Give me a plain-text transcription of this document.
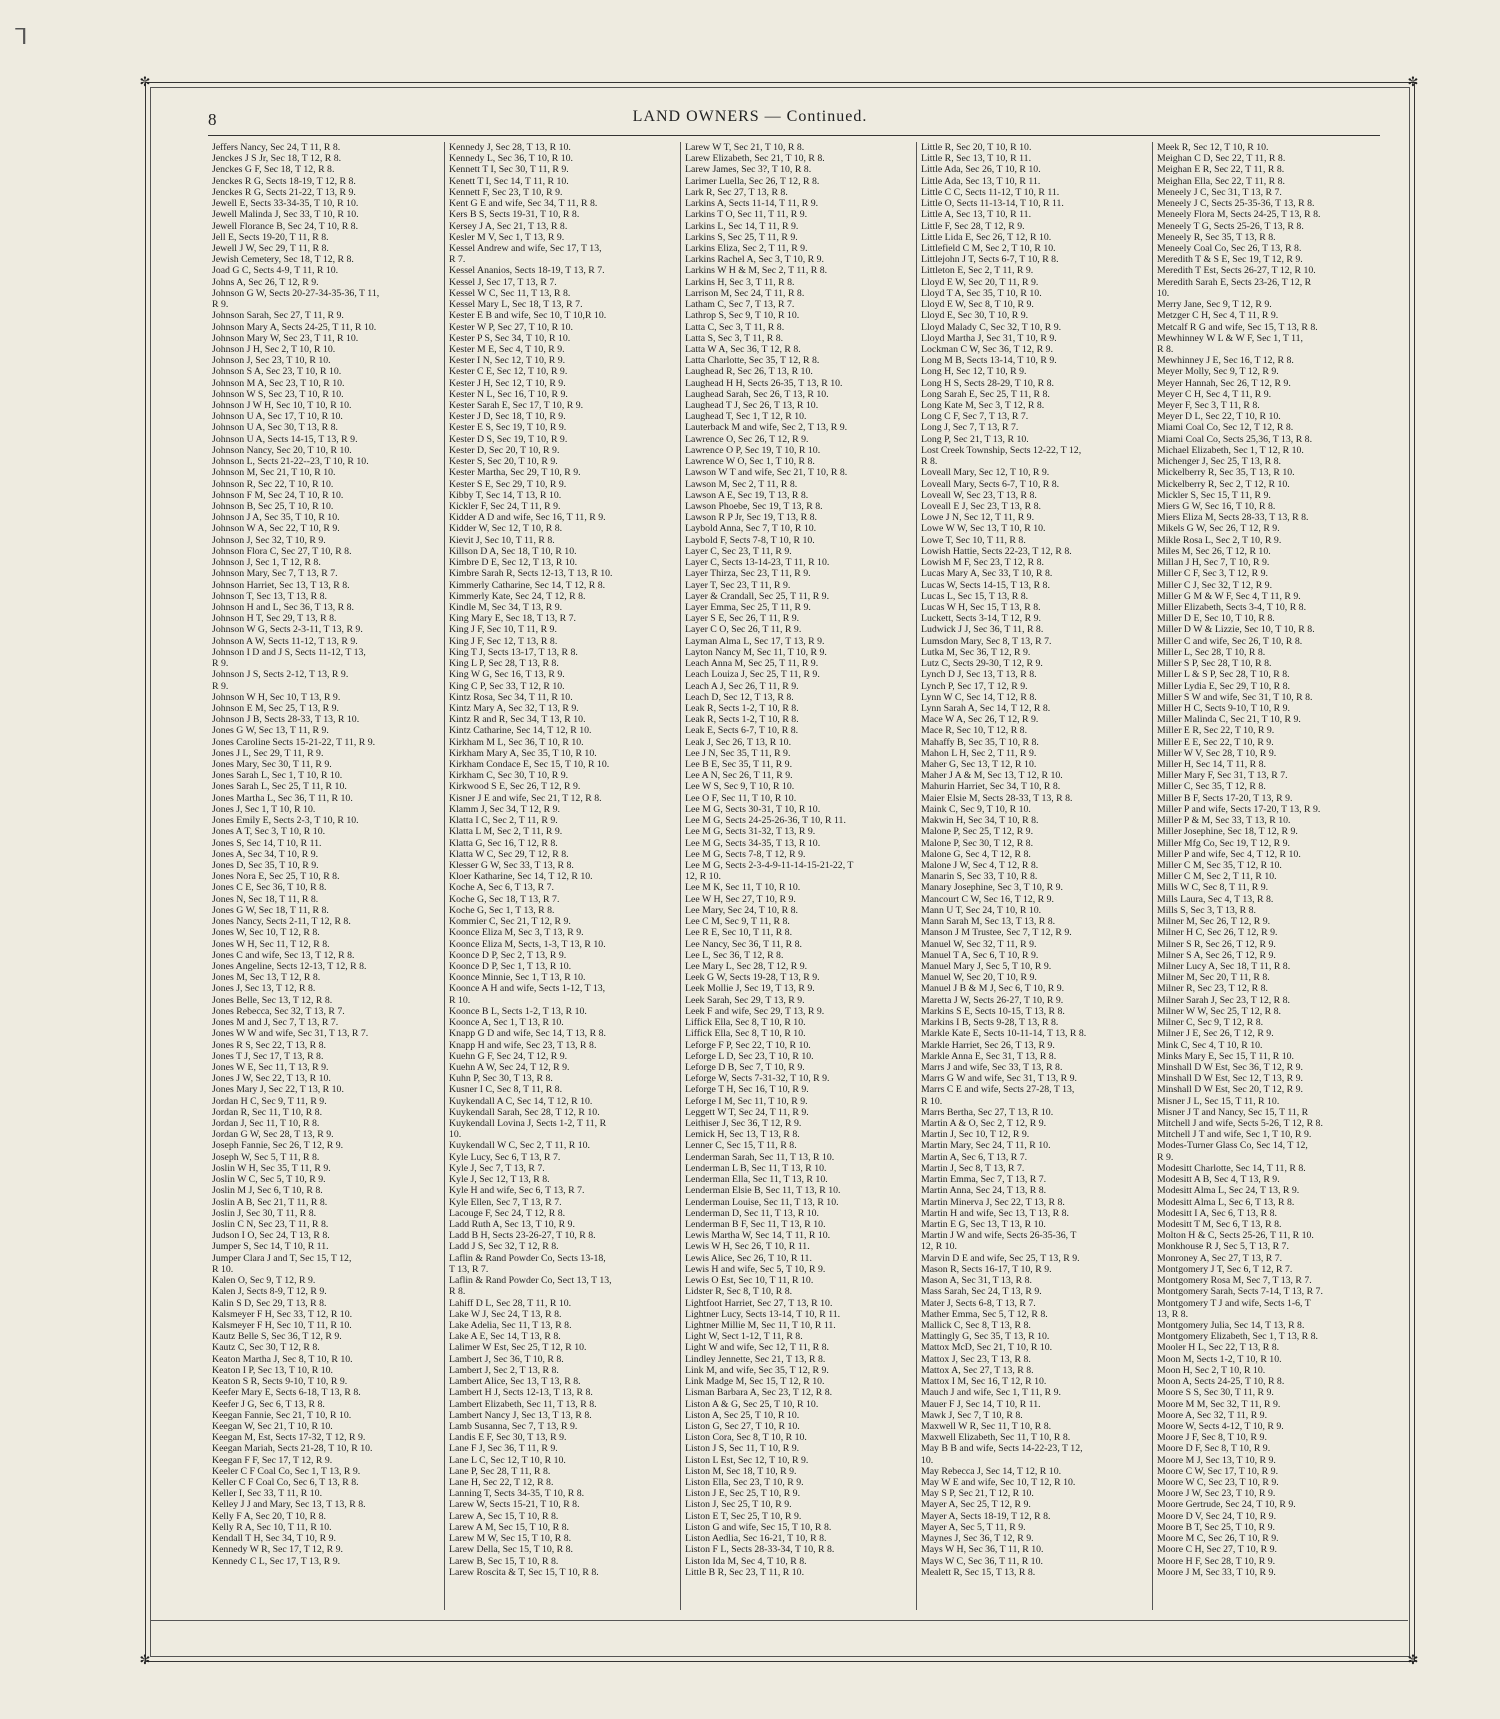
ᒣ
✼	✼
✼	✼
8	LAND OWNERS — Continued.
Jeffers Nancy, Sec 24, T 11, R 8.
Jenckes J S Jr, Sec 18, T 12, R 8.
Jenckes G F, Sec 18, T 12, R 8.
Jenckes R G, Sects 18-19, T 12, R 8.
Jenckes R G, Sects 21-22, T 13, R 9.
Jewell E, Sects 33-34-35, T 10, R 10.
Jewell Malinda J, Sec 33, T 10, R 10.
Jewell Florance B, Sec 24, T 10, R 8.
Jell E, Sects 19-20, T 11, R 8.
Jewell J W, Sec 29, T 11, R 8.
Jewish Cemetery, Sec 18, T 12, R 8.
Joad G C, Sects 4-9, T 11, R 10.
Johns A, Sec 26, T 12, R 9.
Johnson G W, Sects 20-27-34-35-36, T 11,
R 9.
Johnson Sarah, Sec 27, T 11, R 9.
Johnson Mary A, Sects 24-25, T 11, R 10.
Johnson Mary W, Sec 23, T 11, R 10.
Johnson J H, Sec 2, T 10, R 10.
Johnson J, Sec 23, T 10, R 10.
Johnson S A, Sec 23, T 10, R 10.
Johnson M A, Sec 23, T 10, R 10.
Johnson W S, Sec 23, T 10, R 10.
Johnson J W H, Sec 10, T 10, R 10.
Johnson U A, Sec 17, T 10, R 10.
Johnson U A, Sec 30, T 13, R 8.
Johnson U A, Sects 14-15, T 13, R 9.
Johnson Nancy, Sec 20, T 10, R 10.
Johnson L, Sects 21-22--23, T 10, R 10.
Johnson M, Sec 21, T 10, R 10.
Johnson R, Sec 22, T 10, R 10.
Johnson F M, Sec 24, T 10, R 10.
Johnson B, Sec 25, T 10, R 10.
Johnson J A, Sec 35, T 10, R 10.
Johnson W A, Sec 22, T 10, R 9.
Johnson J, Sec 32, T 10, R 9.
Johnson Flora C, Sec 27, T 10, R 8.
Johnson J, Sec 1, T 12, R 8.
Johnson Mary, Sec 7, T 13, R 7.
Johnson Harriet, Sec 13, T 13, R 8.
Johnson T, Sec 13, T 13, R 8.
Johnson H and L, Sec 36, T 13, R 8.
Johnson H T, Sec 29, T 13, R 8.
Johnson W G, Sects 2-3-11, T 13, R 9.
Johnson A W, Sects 11-12, T 13, R 9.
Johnson I D and J S, Sects 11-12, T 13,
R 9.
Johnson J S, Sects 2-12, T 13, R 9.
R 9.
Johnson W H, Sec 10, T 13, R 9.
Johnson E M, Sec 25, T 13, R 9.
Johnson J B, Sects 28-33, T 13, R 10.
Jones G W, Sec 13, T 11, R 9.
Jones Caroline Sects 15-21-22, T 11, R 9.
Jones J L, Sec 29, T 11, R 9.
Jones Mary, Sec 30, T 11, R 9.
Jones Sarah L, Sec 1, T 10, R 10.
Jones Sarah L, Sec 25, T 11, R 10.
Jones Martha L, Sec 36, T 11, R 10.
Jones J, Sec 1, T 10, R 10.
Jones Emily E, Sects 2-3, T 10, R 10.
Jones A T, Sec 3, T 10, R 10.
Jones S, Sec 14, T 10, R 11.
Jones A, Sec 34, T 10, R 9.
Jones D, Sec 35, T 10, R 9.
Jones Nora E, Sec 25, T 10, R 8.
Jones C E, Sec 36, T 10, R 8.
Jones N, Sec 18, T 11, R 8.
Jones G W, Sec 18, T 11, R 8.
Jones Nancy, Sects 2-11, T 12, R 8.
Jones W, Sec 10, T 12, R 8.
Jones W H, Sec 11, T 12, R 8.
Jones C and wife, Sec 13, T 12, R 8.
Jones Angeline, Sects 12-13, T 12, R 8.
Jones M, Sec 13, T 12, R 8.
Jones J, Sec 13, T 12, R 8.
Jones Belle, Sec 13, T 12, R 8.
Jones Rebecca, Sec 32, T 13, R 7.
Jones M and J, Sec 7, T 13, R 7.
Jones W W and wife, Sec 31, T 13, R 7.
Jones R S, Sec 22, T 13, R 8.
Jones T J, Sec 17, T 13, R 8.
Jones W E, Sec 11, T 13, R 9.
Jones J W, Sec 22, T 13, R 10.
Jones Mary J, Sec 22, T 13, R 10.
Jordan H C, Sec 9, T 11, R 9.
Jordan R, Sec 11, T 10, R 8.
Jordan J, Sec 11, T 10, R 8.
Jordan G W, Sec 28, T 13, R 9.
Joseph Fannie, Sec 26, T 12, R 9.
Joseph W, Sec 5, T 11, R 8.
Joslin W H, Sec 35, T 11, R 9.
Joslin W C, Sec 5, T 10, R 9.
Joslin M J, Sec 6, T 10, R 8.
Joslin A B, Sec 21, T 11, R 8.
Joslin J, Sec 30, T 11, R 8.
Joslin C N, Sec 23, T 11, R 8.
Judson I O, Sec 24, T 13, R 8.
Jumper S, Sec 14, T 10, R 11.
Jumper Clara J and T, Sec 15, T 12,
R 10.
Kalen O, Sec 9, T 12, R 9.
Kalen J, Sects 8-9, T 12, R 9.
Kalin S D, Sec 29, T 13, R 8.
Kalsmeyer F H, Sec 33, T 12, R 10.
Kalsmeyer F H, Sec 10, T 11, R 10.
Kautz Belle S, Sec 36, T 12, R 9.
Kautz C, Sec 30, T 12, R 8.
Keaton Martha J, Sec 8, T 10, R 10.
Keaton I P, Sec 13, T 10, R 10.
Keaton S R, Sects 9-10, T 10, R 9.
Keefer Mary E, Sects 6-18, T 13, R 8.
Keefer J G, Sec 6, T 13, R 8.
Keegan Fannie, Sec 21, T 10, R 10.
Keegan W, Sec 21, T 10, R 10.
Keegan M, Est, Sects 17-32, T 12, R 9.
Keegan Mariah, Sects 21-28, T 10, R 10.
Keegan F F, Sec 17, T 12, R 9.
Keeler C F Coal Co, Sec 1, T 13, R 9.
Keller C F Coal Co, Sec 6, T 13, R 8.
Keller I, Sec 33, T 11, R 10.
Kelley J J and Mary, Sec 13, T 13, R 8.
Kelly F A, Sec 20, T 10, R 8.
Kelly R A, Sec 10, T 11, R 10.
Kendall T H, Sec 34, T 10, R 9.
Kennedy W R, Sec 17, T 12, R 9.
Kennedy C L, Sec 17, T 13, R 9.
Kennedy J, Sec 28, T 13, R 10.
Kennedy L, Sec 36, T 10, R 10.
Kennett T I, Sec 30, T 11, R 9.
Kenett T I, Sec 14, T 11, R 10.
Kennett F, Sec 23, T 10, R 9.
Kent G E and wife, Sec 34, T 11, R 8.
Kers B S, Sects 19-31, T 10, R 8.
Kersey J A, Sec 21, T 13, R 8.
Kesler M V, Sec 1, T 13, R 9.
Kessel Andrew and wife, Sec 17, T 13,
R 7.
Kessel Ananios, Sects 18-19, T 13, R 7.
Kessel J, Sec 17, T 13, R 7.
Kessel W C, Sec 11, T 13, R 8.
Kessel Mary L, Sec 18, T 13, R 7.
Kester E B and wife, Sec 10, T 10,R 10.
Kester W P, Sec 27, T 10, R 10.
Kester P S, Sec 34, T 10, R 10.
Kester M E, Sec 4, T 10, R 9.
Kester I N, Sec 12, T 10, R 9.
Kester C E, Sec 12, T 10, R 9.
Kester J H, Sec 12, T 10, R 9.
Kester N L, Sec 16, T 10, R 9.
Kester Sarah E, Sec 17, T 10, R 9.
Kester J D, Sec 18, T 10, R 9.
Kester E S, Sec 19, T 10, R 9.
Kester D S, Sec 19, T 10, R 9.
Kester D, Sec 20, T 10, R 9.
Kester S, Sec 20, T 10, R 9.
Kester Martha, Sec 29, T 10, R 9.
Kester S E, Sec 29, T 10, R 9.
Kibby T, Sec 14, T 13, R 10.
Kickler F, Sec 24, T 11, R 9.
Kidder A D and wife, Sec 16, T 11, R 9.
Kidder W, Sec 12, T 10, R 8.
Kievit J, Sec 10, T 11, R 8.
Killson D A, Sec 18, T 10, R 10.
Kimbre D E, Sec 12, T 13, R 10.
Kimbre Sarah R, Sects 12-13, T 13, R 10.
Kimmerly Catharine, Sec 14, T 12, R 8.
Kimmerly Kate, Sec 24, T 12, R 8.
Kindle M, Sec 34, T 13, R 9.
King Mary E, Sec 18, T 13, R 7.
King J F, Sec 10, T 11, R 9.
King J F, Sec 12, T 13, R 8.
King T J, Sects 13-17, T 13, R 8.
King L P, Sec 28, T 13, R 8.
King W G, Sec 16, T 13, R 9.
King C P, Sec 33, T 12, R 10.
Kintz Rosa, Sec 34, T 11, R 10.
Kintz Mary A, Sec 32, T 13, R 9.
Kintz R and R, Sec 34, T 13, R 10.
Kintz Catharine, Sec 14, T 12, R 10.
Kirkham M L, Sec 36, T 10, R 10.
Kirkham Mary A, Sec 35, T 10, R 10.
Kirkham Condace E, Sec 15, T 10, R 10.
Kirkham C, Sec 30, T 10, R 9.
Kirkwood S E, Sec 26, T 12, R 9.
Kisner J E and wife, Sec 21, T 12, R 8.
Klamm J, Sec 34, T 12, R 9.
Klattа I C, Sec 2, T 11, R 9.
Klatta L M, Sec 2, T 11, R 9.
Klatta G, Sec 16, T 12, R 8.
Klatta W C, Sec 29, T 12, R 8.
Klesser G W, Sec 33, T 13, R 8.
Kloer Katharine, Sec 14, T 12, R 10.
Koche A, Sec 6, T 13, R 7.
Koche G, Sec 18, T 13, R 7.
Koche G, Sec 1, T 13, R 8.
Kommier C, Sec 21, T 12, R 9.
Koonce Eliza M, Sec 3, T 13, R 9.
Koonce Eliza M, Sects, 1-3, T 13, R 10.
Koonce D P, Sec 2, T 13, R 9.
Koonce D P, Sec 1, T 13, R 10.
Koonce Minnie, Sec 1, T 13, R 10.
Koonce A H and wife, Sects 1-12, T 13,
R 10.
Koonce B L, Sects 1-2, T 13, R 10.
Koonce A, Sec 1, T 13, R 10.
Knapp G D and wife, Sec 14, T 13, R 8.
Knapp H and wife, Sec 23, T 13, R 8.
Kuehn G F, Sec 24, T 12, R 9.
Kuehn A W, Sec 24, T 12, R 9.
Kuhn P, Sec 30, T 13, R 8.
Kusner I C, Sec 8, T 11, R 8.
Kuykendall A C, Sec 14, T 12, R 10.
Kuykendall Sarah, Sec 28, T 12, R 10.
Kuykendall Lovina J, Sects 1-2, T 11, R
10.
Kuykendall W C, Sec 2, T 11, R 10.
Kyle Lucy, Sec 6, T 13, R 7.
Kyle J, Sec 7, T 13, R 7.
Kyle J, Sec 12, T 13, R 8.
Kyle H and wife, Sec 6, T 13, R 7.
Kyle Ellen, Sec 7, T 13, R 7.
Lacouge F, Sec 24, T 12, R 8.
Ladd Ruth A, Sec 13, T 10, R 9.
Ladd B H, Sects 23-26-27, T 10, R 8.
Ladd J S, Sec 32, T 12, R 8.
Laflin & Rand Powder Co, Sects 13-18,
T 13, R 7.
Laflin & Rand Powder Co, Sect 13, T 13,
R 8.
Lahiff D L, Sec 28, T 11, R 10.
Lake W J, Sec 24, T 13, R 8.
Lake Adelia, Sec 11, T 13, R 8.
Lake A E, Sec 14, T 13, R 8.
Lalimer W Est, Sec 25, T 12, R 10.
Lambert J, Sec 36, T 10, R 8.
Lambert J, Sec 2, T 13, R 8.
Lambert Alice, Sec 13, T 13, R 8.
Lambert H J, Sects 12-13, T 13, R 8.
Lambert Elizabeth, Sec 11, T 13, R 8.
Lambert Nancy J, Sec 13, T 13, R 8.
Lamb Susanna, Sec 7, T 13, R 9.
Landis E F, Sec 30, T 13, R 9.
Lane F J, Sec 36, T 11, R 9.
Lane L C, Sec 12, T 10, R 10.
Lane P, Sec 28, T 11, R 8.
Lane H, Sec 22, T 12, R 8.
Lanning T, Sects 34-35, T 10, R 8.
Larew W, Sects 15-21, T 10, R 8.
Larew A, Sec 15, T 10, R 8.
Larew A M, Sec 15, T 10, R 8.
Larew M W, Sec 15, T 10, R 8.
Larew Della, Sec 15, T 10, R 8.
Larew B, Sec 15, T 10, R 8.
Larew Roscita & T, Sec 15, T 10, R 8.
Larew W T, Sec 21, T 10, R 8.
Larew Elizabeth, Sec 21, T 10, R 8.
Larew James, Sec 3?, T 10, R 8.
Larimer Luella, Sec 26, T 12, R 8.
Lark R, Sec 27, T 13, R 8.
Larkins A, Sects 11-14, T 11, R 9.
Larkins T O, Sec 11, T 11, R 9.
Larkins L, Sec 14, T 11, R 9.
Larkins S, Sec 25, T 11, R 9.
Larkins Eliza, Sec 2, T 11, R 9.
Larkins Rachel A, Sec 3, T 10, R 9.
Larkins W H & M, Sec 2, T 11, R 8.
Larkins H, Sec 3, T 11, R 8.
Larrison M, Sec 24, T 11, R 8.
Latham C, Sec 7, T 13, R 7.
Lathrop S, Sec 9, T 10, R 10.
Latta C, Sec 3, T 11, R 8.
Latta S, Sec 3, T 11, R 8.
Latta W A, Sec 36, T 12, R 8.
Latta Charlotte, Sec 35, T 12, R 8.
Laughead R, Sec 26, T 13, R 10.
Laughead H H, Sects 26-35, T 13, R 10.
Laughead Sarah, Sec 26, T 13, R 10.
Laughead T J, Sec 26, T 13, R 10.
Laughead T, Sec 1, T 12, R 10.
Lauterback M and wife, Sec 2, T 13, R 9.
Lawrence O, Sec 26, T 12, R 9.
Lawrence O P, Sec 19, T 10, R 10.
Lawrence W O, Sec 1, T 10, R 8.
Lawson W T and wife, Sec 21, T 10, R 8.
Lawson M, Sec 2, T 11, R 8.
Lawson A E, Sec 19, T 13, R 8.
Lawson Phoebe, Sec 19, T 13, R 8.
Lawson R P Jr, Sec 19, T 13, R 8.
Laybold Anna, Sec 7, T 10, R 10.
Laybold F, Sects 7-8, T 10, R 10.
Layer C, Sec 23, T 11, R 9.
Layer C, Sects 13-14-23, T 11, R 10.
Layer Thirza, Sec 23, T 11, R 9.
Layer T, Sec 23, T 11, R 9.
Layer & Crandall, Sec 25, T 11, R 9.
Layer Emma, Sec 25, T 11, R 9.
Layer S E, Sec 26, T 11, R 9.
Layer C O, Sec 26, T 11, R 9.
Layman Alma L, Sec 17, T 13, R 9.
Layton Nancy M, Sec 11, T 10, R 9.
Leach Anna M, Sec 25, T 11, R 9.
Leach Louiza J, Sec 25, T 11, R 9.
Leach A J, Sec 26, T 11, R 9.
Leach D, Sec 12, T 13, R 8.
Leak R, Sects 1-2, T 10, R 8.
Leak R, Sects 1-2, T 10, R 8.
Leak E, Sects 6-7, T 10, R 8.
Leak J, Sec 26, T 13, R 10.
Lee J N, Sec 35, T 11, R 9.
Lee B E, Sec 35, T 11, R 9.
Lee A N, Sec 26, T 11, R 9.
Lee W S, Sec 9, T 10, R 10.
Lee O F, Sec 11, T 10, R 10.
Lee M G, Sects 30-31, T 10, R 10.
Lee M G, Sects 24-25-26-36, T 10, R 11.
Lee M G, Sects 31-32, T 13, R 9.
Lee M G, Sects 34-35, T 13, R 10.
Lee M G, Sects 7-8, T 12, R 9.
Lee M G, Sects 2-3-4-9-11-14-15-21-22, T
12, R 10.
Lee M K, Sec 11, T 10, R 10.
Lee W H, Sec 27, T 10, R 9.
Lee Mary, Sec 24, T 10, R 8.
Lee C M, Sec 9, T 11, R 8.
Lee R E, Sec 10, T 11, R 8.
Lee Nancy, Sec 36, T 11, R 8.
Lee L, Sec 36, T 12, R 8.
Lee Mary L, Sec 28, T 12, R 9.
Leek G W, Sects 19-28, T 13, R 9.
Leek Mollie J, Sec 19, T 13, R 9.
Leek Sarah, Sec 29, T 13, R 9.
Leek F and wife, Sec 29, T 13, R 9.
Liffick Ella, Sec 8, T 10, R 10.
Liffick Ella, Sec 8, T 10, R 10.
Leforge F P, Sec 22, T 10, R 10.
Leforge L D, Sec 23, T 10, R 10.
Leforge D B, Sec 7, T 10, R 9.
Leforge W, Sects 7-31-32, T 10, R 9.
Leforge T H, Sec 16, T 10, R 9.
Leforge I M, Sec 11, T 10, R 9.
Leggett W T, Sec 24, T 11, R 9.
Leithiser J, Sec 36, T 12, R 9.
Lemick H, Sec 13, T 13, R 8.
Lenner C, Sec 15, T 11, R 8.
Lenderman Sarah, Sec 11, T 13, R 10.
Lenderman L B, Sec 11, T 13, R 10.
Lenderman Ella, Sec 11, T 13, R 10.
Lenderman Elsie B, Sec 11, T 13, R 10.
Lenderman Louise, Sec 11, T 13, R 10.
Lenderman D, Sec 11, T 13, R 10.
Lenderman B F, Sec 11, T 13, R 10.
Lewis Martha W, Sec 14, T 11, R 10.
Lewis W H, Sec 26, T 10, R 11.
Lewis Alice, Sec 26, T 10, R 11.
Lewis H and wife, Sec 5, T 10, R 9.
Lewis O Est, Sec 10, T 11, R 10.
Lidster R, Sec 8, T 10, R 8.
Lightfoot Harriet, Sec 27, T 13, R 10.
Lightner Lucy, Sects 13-14, T 10, R 11.
Lightner Millie M, Sec 11, T 10, R 11.
Light W, Sect 1-12, T 11, R 8.
Light W and wife, Sec 12, T 11, R 8.
Lindley Jennette, Sec 21, T 13, R 8.
Link M, and wife, Sec 35, T 12, R 9.
Link Madge M, Sec 15, T 12, R 10.
Lisman Barbara A, Sec 23, T 12, R 8.
Liston A & G, Sec 25, T 10, R 10.
Liston A, Sec 25, T 10, R 10.
Liston G, Sec 27, T 10, R 10.
Liston Cora, Sec 8, T 10, R 10.
Liston J S, Sec 11, T 10, R 9.
Liston L Est, Sec 12, T 10, R 9.
Liston M, Sec 18, T 10, R 9.
Liston Ella, Sec 23, T 10, R 9.
Liston J E, Sec 25, T 10, R 9.
Liston J, Sec 25, T 10, R 9.
Liston E T, Sec 25, T 10, R 9.
Liston G and wife, Sec 15, T 10, R 8.
Liston Aedlia, Sec 16-21, T 10, R 8.
Liston F L, Sects 28-33-34, T 10, R 8.
Liston Ida M, Sec 4, T 10, R 8.
Little B R, Sec 23, T 11, R 10.
Little R, Sec 20, T 10, R 10.
Little R, Sec 13, T 10, R 11.
Little Ada, Sec 26, T 10, R 10.
Little Ada, Sec 13, T 10, R 11.
Little C C, Sects 11-12, T 10, R 11.
Little O, Sects 11-13-14, T 10, R 11.
Little A, Sec 13, T 10, R 11.
Little F, Sec 28, T 12, R 9.
Little Lida E, Sec 26, T 12, R 10.
Littlefield C M, Sec 2, T 10, R 10.
Littlejohn J T, Sects 6-7, T 10, R 8.
Littleton E, Sec 2, T 11, R 9.
Lloyd E W, Sec 20, T 11, R 9.
Lloyd T A, Sec 35, T 10, R 10.
Lloyd E W, Sec 8, T 10, R 9.
Lloyd E, Sec 30, T 10, R 9.
Lloyd Malady C, Sec 32, T 10, R 9.
Lloyd Martha J, Sec 31, T 10, R 9.
Lockman C W, Sec 36, T 12, R 9.
Long M B, Sects 13-14, T 10, R 9.
Long H, Sec 12, T 10, R 9.
Long H S, Sects 28-29, T 10, R 8.
Long Sarah E, Sec 25, T 11, R 8.
Long Kate M, Sec 3, T 12, R 8.
Long C F, Sec 7, T 13, R 7.
Long J, Sec 7, T 13, R 7.
Long P, Sec 21, T 13, R 10.
Lost Creek Township, Sects 12-22, T 12,
R 8.
Loveall Mary, Sec 12, T 10, R 9.
Loveall Mary, Sects 6-7, T 10, R 8.
Loveall W, Sec 23, T 13, R 8.
Loveall E J, Sec 23, T 13, R 8.
Lowe J N, Sec 12, T 11, R 9.
Lowe W W, Sec 13, T 10, R 10.
Lowe T, Sec 10, T 11, R 8.
Lowish Hattie, Sects 22-23, T 12, R 8.
Lowish M F, Sec 23, T 12, R 8.
Lucas Mary A, Sec 33, T 10, R 8.
Lucas W, Sects 14-15, T 13, R 8.
Lucas L, Sec 15, T 13, R 8.
Lucas W H, Sec 15, T 13, R 8.
Luckett, Sects 3-14, T 12, R 9.
Ludwick J J, Sec 36, T 11, R 8.
Lumsdon Mary, Sec 8, T 13, R 7.
Lutka M, Sec 36, T 12, R 9.
Lutz C, Sects 29-30, T 12, R 9.
Lynch D J, Sec 13, T 13, R 8.
Lynch P, Sec 17, T 12, R 9.
Lynn W C, Sec 14, T 12, R 8.
Lynn Sarah A, Sec 14, T 12, R 8.
Mace W A, Sec 26, T 12, R 9.
Mace R, Sec 10, T 12, R 8.
Mahaffy B, Sec 35, T 10, R 8.
Mahon L H, Sec 2, T 11, R 9.
Maher G, Sec 13, T 12, R 10.
Maher J A & M, Sec 13, T 12, R 10.
Mahurin Harriet, Sec 34, T 10, R 8.
Maier Elsie M, Sects 28-33, T 13, R 8.
Maink C, Sec 9, T 10, R 10.
Makwin H, Sec 34, T 10, R 8.
Malone P, Sec 25, T 12, R 9.
Malone P, Sec 30, T 12, R 8.
Malone G, Sec 4, T 12, R 8.
Malone J W, Sec 4, T 12, R 8.
Manarin S, Sec 33, T 10, R 8.
Manary Josephine, Sec 3, T 10, R 9.
Mancourt C W, Sec 16, T 12, R 9.
Mann U T, Sec 24, T 10, R 10.
Mann Sarah M, Sec 13, T 13, R 8.
Manson J M Trustee, Sec 7, T 12, R 9.
Manuel W, Sec 32, T 11, R 9.
Manuel T A, Sec 6, T 10, R 9.
Manuel Mary J, Sec 5, T 10, R 9.
Manuel W, Sec 20, T 10, R 9.
Manuel J B & M J, Sec 6, T 10, R 9.
Maretta J W, Sects 26-27, T 10, R 9.
Markins S E, Sects 10-15, T 13, R 8.
Markins I B, Sects 9-28, T 13, R 8.
Markle Kate E, Sects 10-11-14, T 13, R 8.
Markle Harriet, Sec 26, T 13, R 9.
Markle Anna E, Sec 31, T 13, R 8.
Marrs J and wife, Sec 33, T 13, R 8.
Marrs G W and wife, Sec 31, T 13, R 9.
Marrs C E and wife, Sects 27-28, T 13,
R 10.
Marrs Bertha, Sec 27, T 13, R 10.
Martin A & O, Sec 2, T 12, R 9.
Martin J, Sec 10, T 12, R 9.
Martin Mary, Sec 24, T 11, R 10.
Martin A, Sec 6, T 13, R 7.
Martin J, Sec 8, T 13, R 7.
Martin Emma, Sec 7, T 13, R 7.
Martin Anna, Sec 24, T 13, R 8.
Martin Minerva J, Sec 22, T 13, R 8.
Martin H and wife, Sec 13, T 13, R 8.
Martin E G, Sec 13, T 13, R 10.
Martin J W and wife, Sects 26-35-36, T
12, R 10.
Marvin D E and wife, Sec 25, T 13, R 9.
Mason R, Sects 16-17, T 10, R 9.
Mason A, Sec 31, T 13, R 8.
Mass Sarah, Sec 24, T 13, R 9.
Mater J, Sects 6-8, T 13, R 7.
Mather Emma, Sec 5, T 12, R 8.
Mallick C, Sec 8, T 13, R 8.
Mattingly G, Sec 35, T 13, R 10.
Mattox McD, Sec 21, T 10, R 10.
Mattox J, Sec 23, T 13, R 8.
Mattox A, Sec 27, T 13, R 8.
Mattox I M, Sec 16, T 12, R 10.
Mauch J and wife, Sec 1, T 11, R 9.
Mauer F J, Sec 14, T 10, R 11.
Mawk J, Sec 7, T 10, R 8.
Maxwell W R, Sec 11, T 10, R 8.
Maxwell Elizabeth, Sec 11, T 10, R 8.
May B B and wife, Sects 14-22-23, T 12,
10.
May Rebecca J, Sec 14, T 12, R 10.
May W E and wife, Sec 10, T 12, R 10.
May S P, Sec 21, T 12, R 10.
Mayer A, Sec 25, T 12, R 9.
Mayer A, Sects 18-19, T 12, R 8.
Mayer A, Sec 5, T 11, R 9.
Maynes J, Sec 36, T 12, R 9.
Mays W H, Sec 36, T 11, R 10.
Mays W C, Sec 36, T 11, R 10.
Mealett R, Sec 15, T 13, R 8.
Meek R, Sec 12, T 10, R 10.
Meighan C D, Sec 22, T 11, R 8.
Meighan E R, Sec 22, T 11, R 8.
Meighan Ella, Sec 22, T 11, R 8.
Meneely J C, Sec 31, T 13, R 7.
Meneely J C, Sects 25-35-36, T 13, R 8.
Meneely Flora M, Sects 24-25, T 13, R 8.
Meneely T G, Sects 25-26, T 13, R 8.
Meneely R, Sec 35, T 13, R 8.
Meneely Coal Co, Sec 26, T 13, R 8.
Meredith T & S E, Sec 19, T 12, R 9.
Meredith T Est, Sects 26-27, T 12, R 10.
Meredith Sarah E, Sects 23-26, T 12, R
10.
Merry Jane, Sec 9, T 12, R 9.
Metzger C H, Sec 4, T 11, R 9.
Metcalf R G and wife, Sec 15, T 13, R 8.
Mewhinney W L & W F, Sec 1, T 11,
R 8.
Mewhinney J E, Sec 16, T 12, R 8.
Meyer Molly, Sec 9, T 12, R 9.
Meyer Hannah, Sec 26, T 12, R 9.
Meyer C H, Sec 4, T 11, R 9.
Meyer F, Sec 3, T 11, R 8.
Meyer D L, Sec 22, T 10, R 10.
Miami Coal Co, Sec 12, T 12, R 8.
Miami Coal Co, Sects 25,36, T 13, R 8.
Michael Elizabeth, Sec 1, T 12, R 10.
Michenger J, Sec 25, T 13, R 8.
Mickelberry R, Sec 35, T 13, R 10.
Mickelberry R, Sec 2, T 12, R 10.
Mickler S, Sec 15, T 11, R 9.
Miers G W, Sec 16, T 10, R 8.
Miers Eliza M, Sects 28-33, T 13, R 8.
Mikels G W, Sec 26, T 12, R 9.
Mikle Rosa L, Sec 2, T 10, R 9.
Miles M, Sec 26, T 12, R 10.
Millan J H, Sec 7, T 10, R 9.
Miller C F, Sec 3, T 12, R 9.
Miller C J, Sec 32, T 12, R 9.
Miller G M & W F, Sec 4, T 11, R 9.
Miller Elizabeth, Sects 3-4, T 10, R 8.
Miller D E, Sec 10, T 10, R 8.
Miller D W & Lizzie, Sec 10, T 10, R 8.
Miller C and wife, Sec 26, T 10, R 8.
Miller L, Sec 28, T 10, R 8.
Miller S P, Sec 28, T 10, R 8.
Miller L & S P, Sec 28, T 10, R 8.
Miller Lydia E, Sec 29, T 10, R 8.
Miller S W and wife, Sec 31, T 10, R 8.
Miller H C, Sects 9-10, T 10, R 9.
Miller Malinda C, Sec 21, T 10, R 9.
Miller E R, Sec 22, T 10, R 9.
Miller E E, Sec 22, T 10, R 9.
Miller W V, Sec 28, T 10, R 9.
Miller H, Sec 14, T 11, R 8.
Miller Mary F, Sec 31, T 13, R 7.
Miller C, Sec 35, T 12, R 8.
Miller B F, Sects 17-20, T 13, R 9.
Miller P and wife, Sects 17-20, T 13, R 9.
Miller P & M, Sec 33, T 13, R 10.
Miller Josephine, Sec 18, T 12, R 9.
Miller Mfg Co, Sec 19, T 12, R 9.
Miller P and wife, Sec 4, T 12, R 10.
Miller C M, Sec 35, T 12, R 10.
Miller C M, Sec 2, T 11, R 10.
Mills W C, Sec 8, T 11, R 9.
Mills Laura, Sec 4, T 13, R 8.
Mills S, Sec 3, T 13, R 8.
Milner M, Sec 26, T 12, R 9.
Milner H C, Sec 26, T 12, R 9.
Milner S R, Sec 26, T 12, R 9.
Milner S A, Sec 26, T 12, R 9.
Milner Lucy A, Sec 18, T 11, R 8.
Milner M, Sec 20, T 11, R 8.
Milner R, Sec 23, T 12, R 8.
Milner Sarah J, Sec 23, T 12, R 8.
Milner W W, Sec 25, T 12, R 8.
Milner C, Sec 9, T 12, R 8.
Milner J E, Sec 26, T 12, R 9.
Mink C, Sec 4, T 10, R 10.
Minks Mary E, Sec 15, T 11, R 10.
Minshall D W Est, Sec 36, T 12, R 9.
Minshall D W Est, Sec 12, T 13, R 9.
Minshall D W Est, Sec 20, T 12, R 9.
Misner J L, Sec 15, T 11, R 10.
Misner J T and Nancy, Sec 15, T 11, R
Mitchell J and wife, Sects 5-26, T 12, R 8.
Mitchell J T and wife, Sec 1, T 10, R 9.
Modes-Turner Glass Co, Sec 14, T 12,
R 9.
Modesitt Charlotte, Sec 14, T 11, R 8.
Modesitt A B, Sec 4, T 13, R 9.
Modesitt Alma L, Sec 24, T 13, R 9.
Modesitt Alma L, Sec 6, T 13, R 8.
Modesitt I A, Sec 6, T 13, R 8.
Modesitt T M, Sec 6, T 13, R 8.
Molton H & C, Sects 25-26, T 11, R 10.
Monkhouse R J, Sec 5, T 13, R 7.
Monroney A, Sec 27, T 13, R 7.
Montgomery J T, Sec 6, T 12, R 7.
Montgomery Rosa M, Sec 7, T 13, R 7.
Montgomery Sarah, Sects 7-14, T 13, R 7.
Montgomery T J and wife, Sects 1-6, T
13, R 8.
Montgomery Julia, Sec 14, T 13, R 8.
Montgomery Elizabeth, Sec 1, T 13, R 8.
Mooler H L, Sec 22, T 13, R 8.
Moon M, Sects 1-2, T 10, R 10.
Moon H, Sec 2, T 10, R 10.
Moon A, Sects 24-25, T 10, R 8.
Moore S S, Sec 30, T 11, R 9.
Moore M M, Sec 32, T 11, R 9.
Moore A, Sec 32, T 11, R 9.
Moore W, Sects 4-12, T 10, R 9.
Moore J F, Sec 8, T 10, R 9.
Moore D F, Sec 8, T 10, R 9.
Moore M J, Sec 13, T 10, R 9.
Moore C W, Sec 17, T 10, R 9.
Moore W C, Sec 23, T 10, R 9.
Moore J W, Sec 23, T 10, R 9.
Moore Gertrude, Sec 24, T 10, R 9.
Moore D V, Sec 24, T 10, R 9.
Moore B T, Sec 25, T 10, R 9.
Moore M C, Sec 26, T 10, R 9.
Moore C H, Sec 27, T 10, R 9.
Moore H F, Sec 28, T 10, R 9.
Moore J M, Sec 33, T 10, R 9.
